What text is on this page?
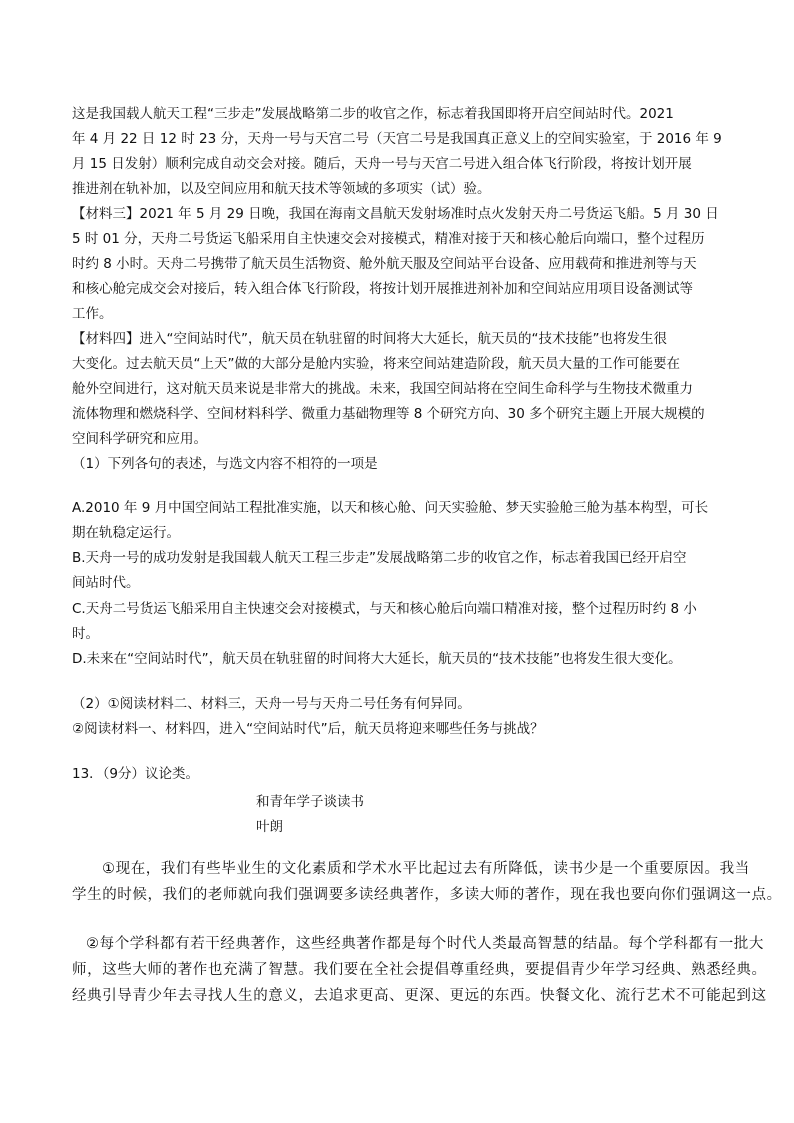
这是我国载人航天工程“三步走”发展战略第二步的收官之作，标志着我国即将开启空间站时代。2021
年 4 月 22 日 12 时 23 分，天舟一号与天宫二号（天宫二号是我国真正意义上的空间实验室，于 2016 年 9
月 15 日发射）顺利完成自动交会对接。随后，天舟一号与天宫二号进入组合体飞行阶段，将按计划开展
推进剂在轨补加，以及空间应用和航天技术等领域的多项实（试）验。
【材料三】2021 年 5 月 29 日晚，我国在海南文昌航天发射场准时点火发射天舟二号货运飞船。5 月 30 日
5 时 01 分，天舟二号货运飞船采用自主快速交会对接模式，精准对接于天和核心舱后向端口，整个过程历
时约 8 小时。天舟二号携带了航天员生活物资、舱外航天服及空间站平台设备、应用载荷和推进剂等与天
和核心舱完成交会对接后，转入组合体飞行阶段，将按计划开展推进剂补加和空间站应用项目设备测试等
工作。
【材料四】进入“空间站时代”，航天员在轨驻留的时间将大大延长，航天员的“技术技能”也将发生很
大变化。过去航天员“上天”做的大部分是舱内实验，将来空间站建造阶段，航天员大量的工作可能要在
舱外空间进行，这对航天员来说是非常大的挑战。未来，我国空间站将在空间生命科学与生物技术微重力
流体物理和燃烧科学、空间材料科学、微重力基础物理等 8 个研究方向、30 多个研究主题上开展大规模的
空间科学研究和应用。
（1）下列各句的表述，与选文内容不相符的一项是
A.2010 年 9 月中国空间站工程批准实施，以天和核心舱、问天实验舱、梦天实验舱三舱为基本构型，可长
期在轨稳定运行。
B.天舟一号的成功发射是我国载人航天工程三步走”发展战略第二步的收官之作，标志着我国已经开启空
间站时代。
C.天舟二号货运飞船采用自主快速交会对接模式，与天和核心舱后向端口精准对接，整个过程历时约 8 小
时。
D.未来在“空间站时代”，航天员在轨驻留的时间将大大延长，航天员的“技术技能”也将发生很大变化。
（2）①阅读材料二、材料三，天舟一号与天舟二号任务有何异同。
②阅读材料一、材料四，进入“空间站时代”后，航天员将迎来哪些任务与挑战？
13．（9分）议论类。
和青年学子谈读书
叶朗
①现在，我们有些毕业生的文化素质和学术水平比起过去有所降低，读书少是一个重要原因。我当
学生的时候，我们的老师就向我们强调要多读经典著作，多读大师的著作，现在我也要向你们强调这一点。
②每个学科都有若干经典著作，这些经典著作都是每个时代人类最高智慧的结晶。每个学科都有一批大
师，这些大师的著作也充满了智慧。我们要在全社会提倡尊重经典，要提倡青少年学习经典、熟悉经典。
经典引导青少年去寻找人生的意义，去追求更高、更深、更远的东西。快餐文化、流行艺术不可能起到这
